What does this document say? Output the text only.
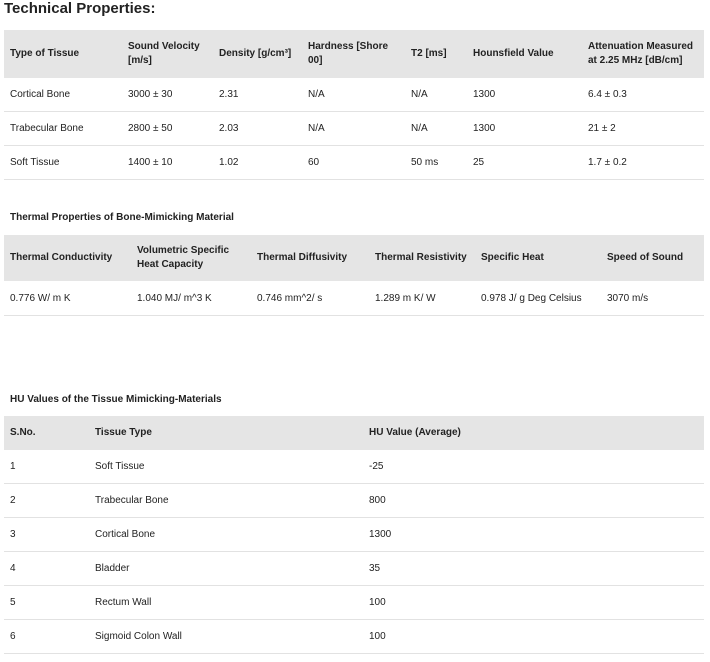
Technical Properties:
Type of Tissue	Sound Velocity [m/s]	Density [g/cm³]	Hardness [Shore 00]	T2 [ms]	Hounsfield Value	Attenuation Measured at 2.25 MHz [dB/cm]
Cortical Bone	3000 ± 30	2.31	N/A	N/A	1300	6.4 ± 0.3
Trabecular Bone	2800 ± 50	2.03	N/A	N/A	1300	21 ± 2
Soft Tissue	1400 ± 10	1.02	60	50 ms	25	1.7 ± 0.2

Thermal Properties of Bone-Mimicking Material

Thermal Conductivity	Volumetric Specific Heat Capacity	Thermal Diffusivity	Thermal Resistivity	Specific Heat	Speed of Sound
0.776 W/ m K	1.040 MJ/ m^3 K	0.746 mm^2/ s	1.289 m K/ W	0.978 J/ g Deg Celsius	3070 m/s

HU Values of the Tissue Mimicking-Materials

S.No.	Tissue Type	HU Value (Average)
1	Soft Tissue	-25
2	Trabecular Bone	800
3	Cortical Bone	1300
4	Bladder	35
5	Rectum Wall	100
6	Sigmoid Colon Wall	100
